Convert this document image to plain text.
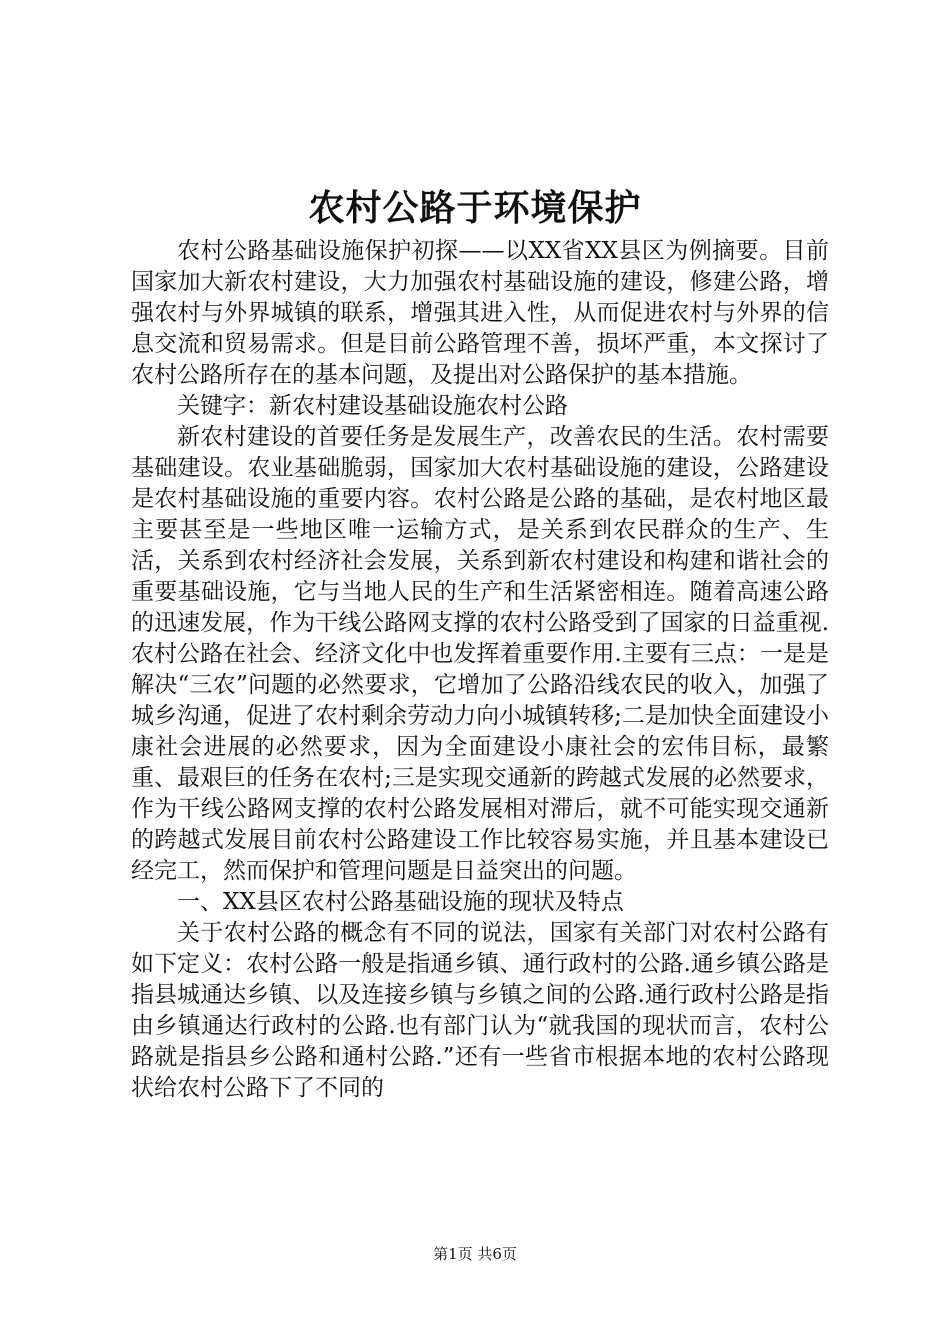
农村公路于环境保护

农村公路基础设施保护初探——以XX省XX县区为例摘要。目前国家加大新农村建设，大力加强农村基础设施的建设，修建公路，增强农村与外界城镇的联系，增强其进入性，从而促进农村与外界的信息交流和贸易需求。但是目前公路管理不善，损坏严重，本文探讨了农村公路所存在的基本问题，及提出对公路保护的基本措施。

关键字：新农村建设基础设施农村公路

新农村建设的首要任务是发展生产，改善农民的生活。农村需要基础建设。农业基础脆弱，国家加大农村基础设施的建设，公路建设是农村基础设施的重要内容。农村公路是公路的基础，是农村地区最主要甚至是一些地区唯一运输方式，是关系到农民群众的生产、生活，关系到农村经济社会发展，关系到新农村建设和构建和谐社会的重要基础设施，它与当地人民的生产和生活紧密相连。随着高速公路的迅速发展，作为干线公路网支撑的农村公路受到了国家的日益重视.农村公路在社会、经济文化中也发挥着重要作用.主要有三点：一是是解决“三农”问题的必然要求，它增加了公路沿线农民的收入，加强了城乡沟通，促进了农村剩余劳动力向小城镇转移;二是加快全面建设小康社会进展的必然要求，因为全面建设小康社会的宏伟目标，最繁重、最艰巨的任务在农村;三是实现交通新的跨越式发展的必然要求，作为干线公路网支撑的农村公路发展相对滞后，就不可能实现交通新的跨越式发展目前农村公路建设工作比较容易实施，并且基本建设已经完工，然而保护和管理问题是日益突出的问题。

一、XX县区农村公路基础设施的现状及特点

关于农村公路的概念有不同的说法，国家有关部门对农村公路有如下定义：农村公路一般是指通乡镇、通行政村的公路.通乡镇公路是指县城通达乡镇、以及连接乡镇与乡镇之间的公路.通行政村公路是指由乡镇通达行政村的公路.也有部门认为“就我国的现状而言，农村公路就是指县乡公路和通村公路.”还有一些省市根据本地的农村公路现状给农村公路下了不同的

第1页 共6页
